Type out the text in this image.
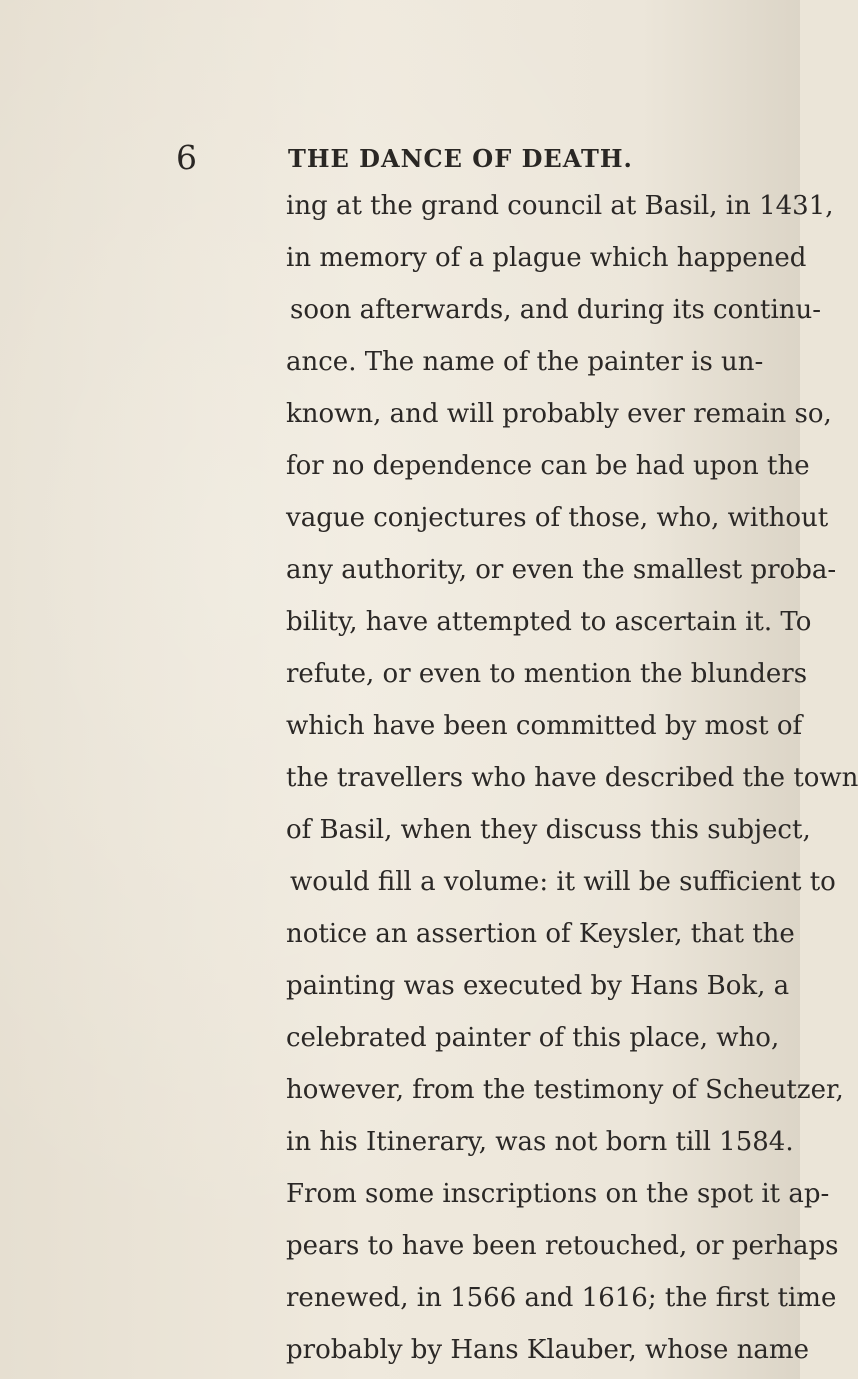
6	THE DANCE OF DEATH.
ing at the grand council at Basil, in 1431,
in memory of a plague which happened
soon afterwards, and during its continu-
ance. The name of the painter is un-
known, and will probably ever remain so,
for no dependence can be had upon the
vague conjectures of those, who, without
any authority, or even the smallest proba-
bility, have attempted to ascertain it. To
refute, or even to mention the blunders
which have been committed by most of
the travellers who have described the town
of Basil, when they discuss this subject,
would fill a volume: it will be sufficient to
notice an assertion of Keysler, that the
painting was executed by Hans Bok, a
celebrated painter of this place, who,
however, from the testimony of Scheutzer,
in his Itinerary, was not born till 1584.
From some inscriptions on the spot it ap-
pears to have been retouched, or perhaps
renewed, in 1566 and 1616; the first time
probably by Hans Klauber, whose name
